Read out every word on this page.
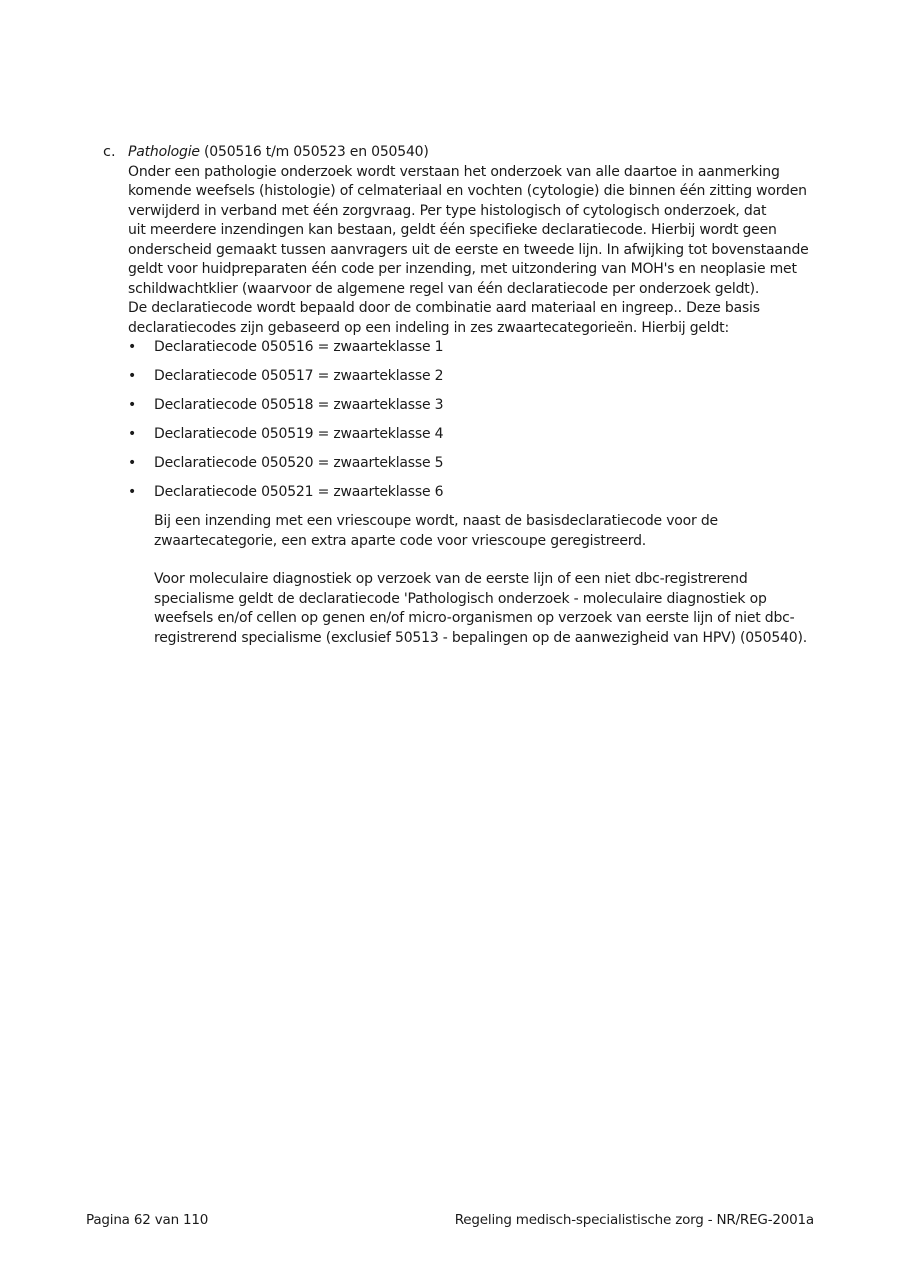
c. Pathologie (050516 t/m 050523 en 050540)
Onder een pathologie onderzoek wordt verstaan het onderzoek van alle daartoe in aanmerking
komende weefsels (histologie) of celmateriaal en vochten (cytologie) die binnen één zitting worden
verwijderd in verband met één zorgvraag. Per type histologisch of cytologisch onderzoek, dat
uit meerdere inzendingen kan bestaan, geldt één specifieke declaratiecode. Hierbij wordt geen
onderscheid gemaakt tussen aanvragers uit de eerste en tweede lijn. In afwijking tot bovenstaande
geldt voor huidpreparaten één code per inzending, met uitzondering van MOH's en neoplasie met
schildwachtklier (waarvoor de algemene regel van één declaratiecode per onderzoek geldt).
De declaratiecode wordt bepaald door de combinatie aard materiaal en ingreep.. Deze basis
declaratiecodes zijn gebaseerd op een indeling in zes zwaartecategorieën. Hierbij geldt:
• Declaratiecode 050516 = zwaarteklasse 1
• Declaratiecode 050517 = zwaarteklasse 2
• Declaratiecode 050518 = zwaarteklasse 3
• Declaratiecode 050519 = zwaarteklasse 4
• Declaratiecode 050520 = zwaarteklasse 5
• Declaratiecode 050521 = zwaarteklasse 6
Bij een inzending met een vriescoupe wordt, naast de basisdeclaratiecode voor de
zwaartecategorie, een extra aparte code voor vriescoupe geregistreerd.
Voor moleculaire diagnostiek op verzoek van de eerste lijn of een niet dbc-registrerend
specialisme geldt de declaratiecode 'Pathologisch onderzoek - moleculaire diagnostiek op
weefsels en/of cellen op genen en/of micro-organismen op verzoek van eerste lijn of niet dbc-
registrerend specialisme (exclusief 50513 - bepalingen op de aanwezigheid van HPV) (050540).
Pagina 62 van 110	Regeling medisch-specialistische zorg - NR/REG-2001a
